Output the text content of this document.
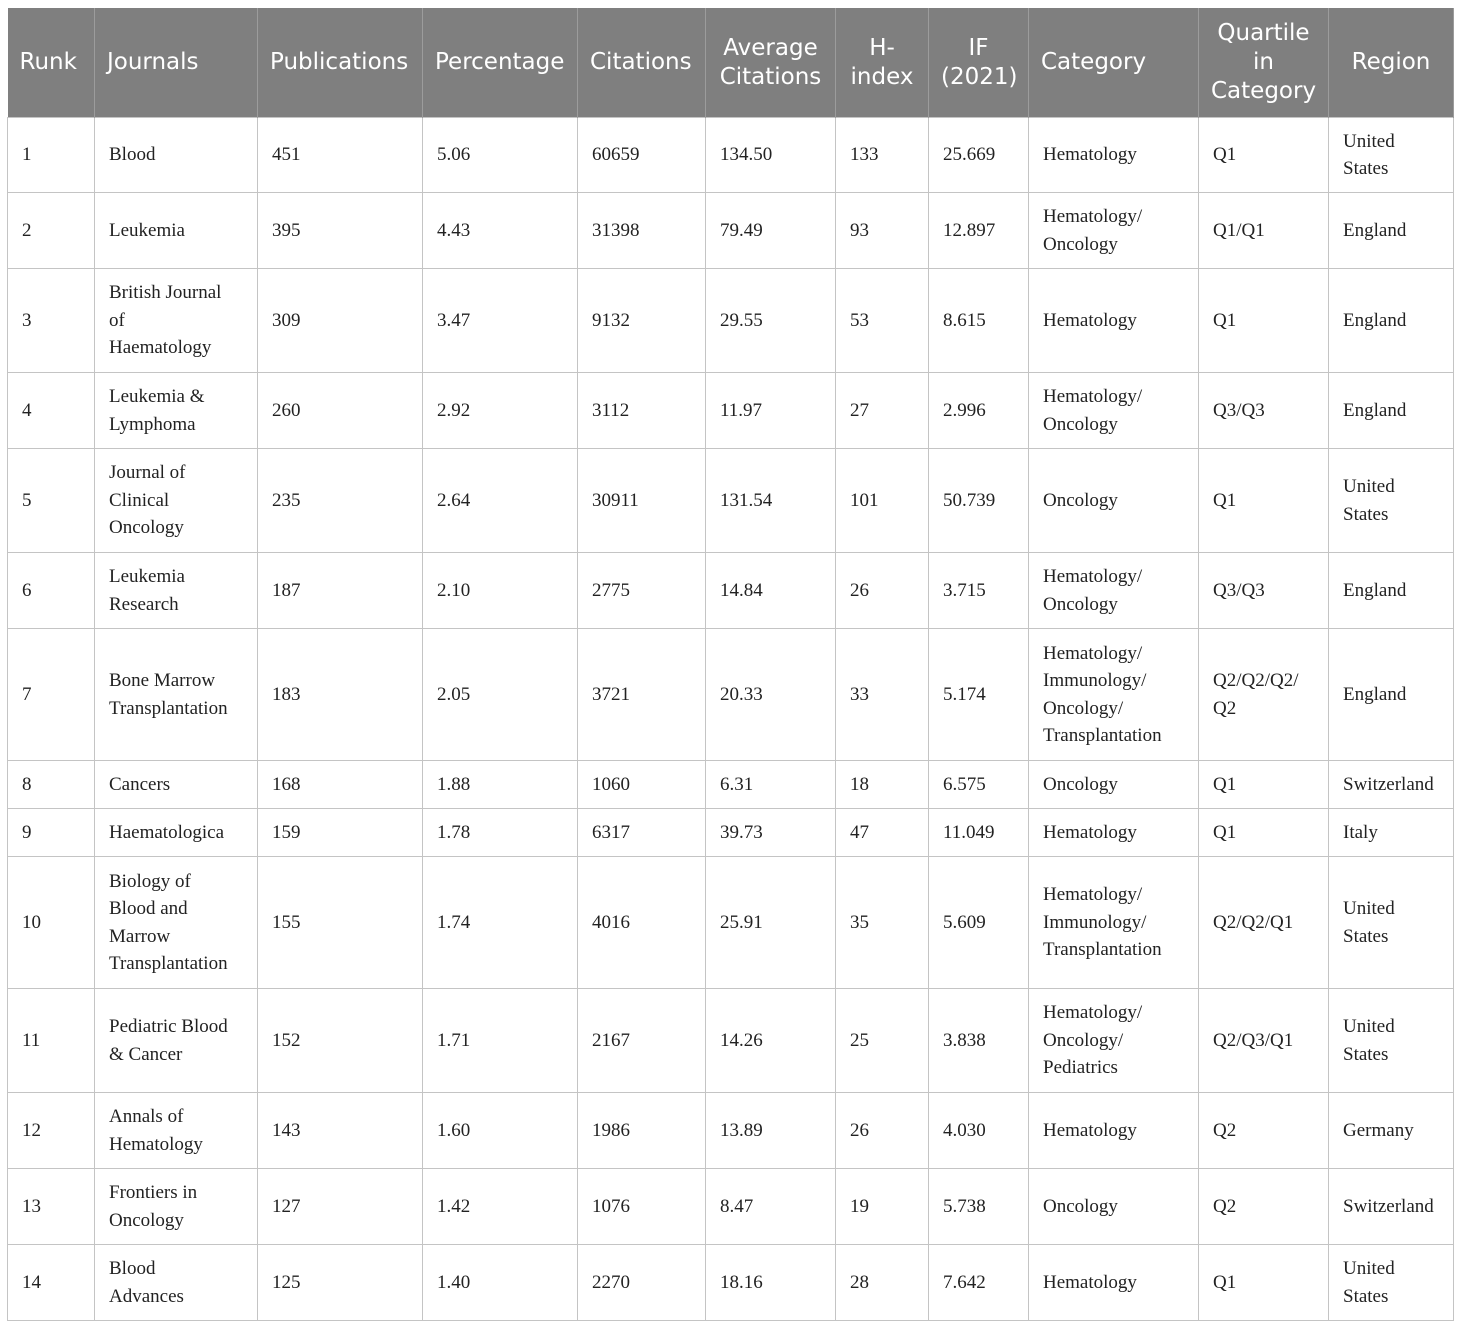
Runk	Journals	Publications	Percentage	Citations	Average
Citations	H-
index	IF
(2021)	Category	Quartile
in
Category	Region
1	Blood	451	5.06	60659	134.50	133	25.669	Hematology	Q1	United
States
2	Leukemia	395	4.43	31398	79.49	93	12.897	Hematology/
Oncology	Q1/Q1	England
3	British Journal
of
Haematology	309	3.47	9132	29.55	53	8.615	Hematology	Q1	England
4	Leukemia &
Lymphoma	260	2.92	3112	11.97	27	2.996	Hematology/
Oncology	Q3/Q3	England
5	Journal of
Clinical
Oncology	235	2.64	30911	131.54	101	50.739	Oncology	Q1	United
States
6	Leukemia
Research	187	2.10	2775	14.84	26	3.715	Hematology/
Oncology	Q3/Q3	England
7	Bone Marrow
Transplantation	183	2.05	3721	20.33	33	5.174	Hematology/
Immunology/
Oncology/
Transplantation	Q2/Q2/Q2/
Q2	England
8	Cancers	168	1.88	1060	6.31	18	6.575	Oncology	Q1	Switzerland
9	Haematologica	159	1.78	6317	39.73	47	11.049	Hematology	Q1	Italy
10	Biology of
Blood and
Marrow
Transplantation	155	1.74	4016	25.91	35	5.609	Hematology/
Immunology/
Transplantation	Q2/Q2/Q1	United
States
11	Pediatric Blood
& Cancer	152	1.71	2167	14.26	25	3.838	Hematology/
Oncology/
Pediatrics	Q2/Q3/Q1	United
States
12	Annals of
Hematology	143	1.60	1986	13.89	26	4.030	Hematology	Q2	Germany
13	Frontiers in
Oncology	127	1.42	1076	8.47	19	5.738	Oncology	Q2	Switzerland
14	Blood
Advances	125	1.40	2270	18.16	28	7.642	Hematology	Q1	United
States
